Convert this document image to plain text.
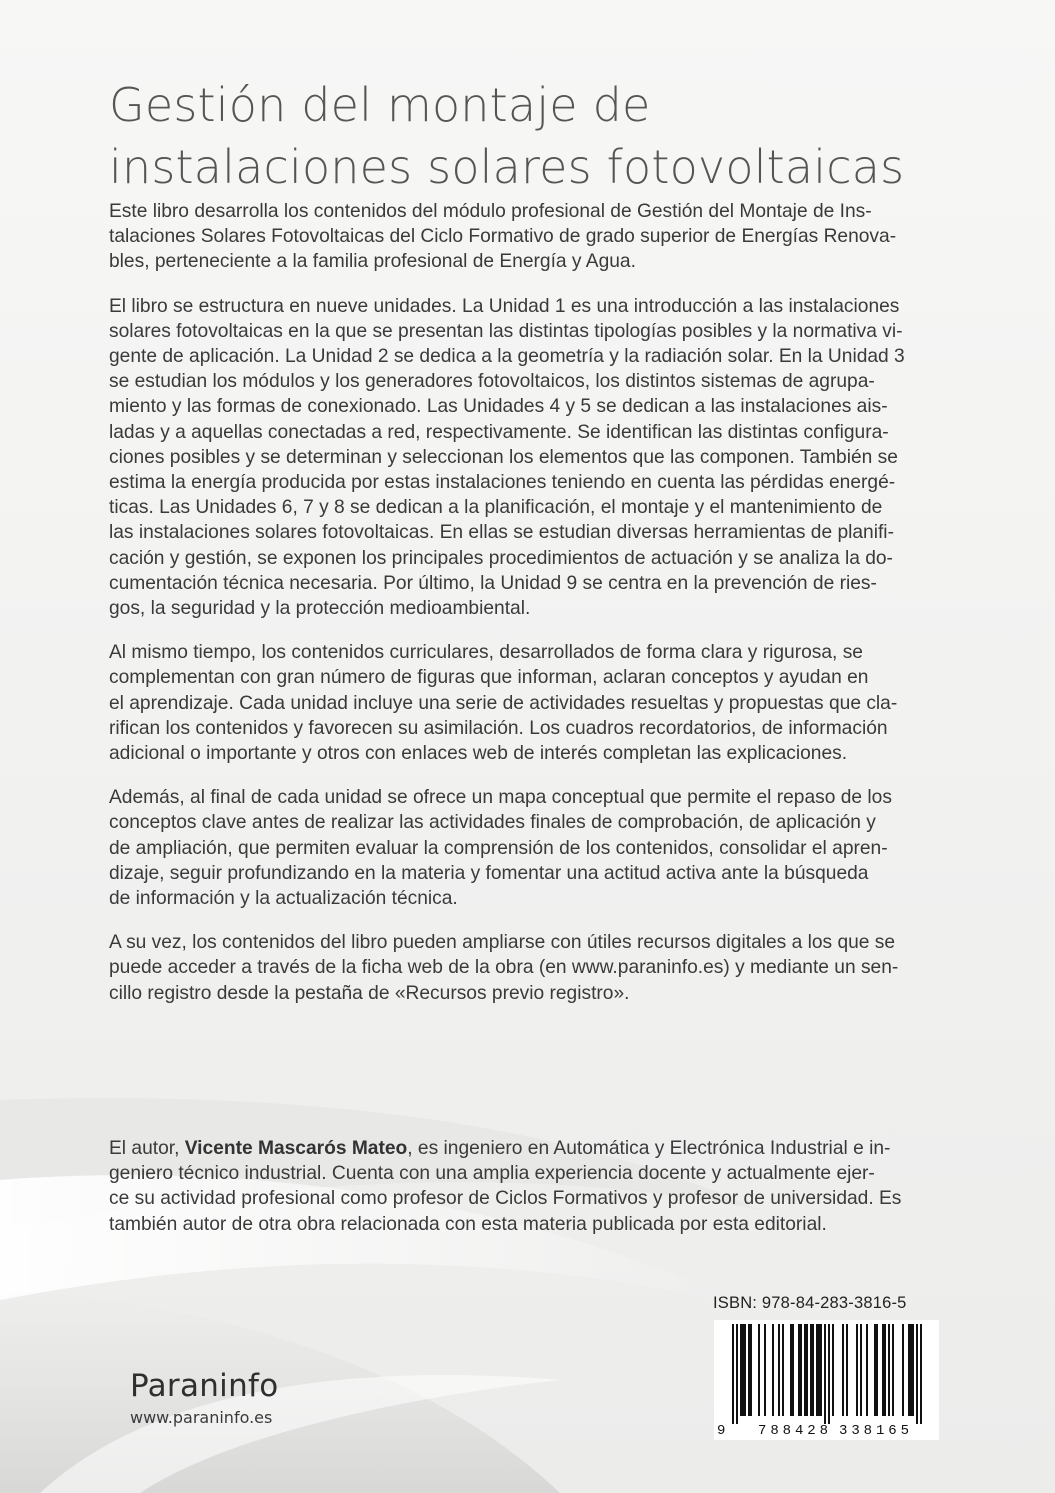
Gestión del montaje de
instalaciones solares fotovoltaicas

Este libro desarrolla los contenidos del módulo profesional de Gestión del Montaje de Ins-
talaciones Solares Fotovoltaicas del Ciclo Formativo de grado superior de Energías Renova-
bles, perteneciente a la familia profesional de Energía y Agua.

El libro se estructura en nueve unidades. La Unidad 1 es una introducción a las instalaciones
solares fotovoltaicas en la que se presentan las distintas tipologías posibles y la normativa vi-
gente de aplicación. La Unidad 2 se dedica a la geometría y la radiación solar. En la Unidad 3
se estudian los módulos y los generadores fotovoltaicos, los distintos sistemas de agrupa-
miento y las formas de conexionado. Las Unidades 4 y 5 se dedican a las instalaciones ais-
ladas y a aquellas conectadas a red, respectivamente. Se identifican las distintas configura-
ciones posibles y se determinan y seleccionan los elementos que las componen. También se
estima la energía producida por estas instalaciones teniendo en cuenta las pérdidas energé-
ticas. Las Unidades 6, 7 y 8 se dedican a la planificación, el montaje y el mantenimiento de
las instalaciones solares fotovoltaicas. En ellas se estudian diversas herramientas de planifi-
cación y gestión, se exponen los principales procedimientos de actuación y se analiza la do-
cumentación técnica necesaria. Por último, la Unidad 9 se centra en la prevención de ries-
gos, la seguridad y la protección medioambiental.

Al mismo tiempo, los contenidos curriculares, desarrollados de forma clara y rigurosa, se
complementan con gran número de figuras que informan, aclaran conceptos y ayudan en
el aprendizaje. Cada unidad incluye una serie de actividades resueltas y propuestas que cla-
rifican los contenidos y favorecen su asimilación. Los cuadros recordatorios, de información
adicional o importante y otros con enlaces web de interés completan las explicaciones.

Además, al final de cada unidad se ofrece un mapa conceptual que permite el repaso de los
conceptos clave antes de realizar las actividades finales de comprobación, de aplicación y
de ampliación, que permiten evaluar la comprensión de los contenidos, consolidar el apren-
dizaje, seguir profundizando en la materia y fomentar una actitud activa ante la búsqueda
de información y la actualización técnica.

A su vez, los contenidos del libro pueden ampliarse con útiles recursos digitales a los que se
puede acceder a través de la ficha web de la obra (en www.paraninfo.es) y mediante un sen-
cillo registro desde la pestaña de «Recursos previo registro».

El autor, Vicente Mascarós Mateo, es ingeniero en Automática y Electrónica Industrial e in-
geniero técnico industrial. Cuenta con una amplia experiencia docente y actualmente ejer-
ce su actividad profesional como profesor de Ciclos Formativos y profesor de universidad. Es
también autor de otra obra relacionada con esta materia publicada por esta editorial.

Paraninfo
www.paraninfo.es
ISBN: 978-84-283-3816-5
9 788428 338165
